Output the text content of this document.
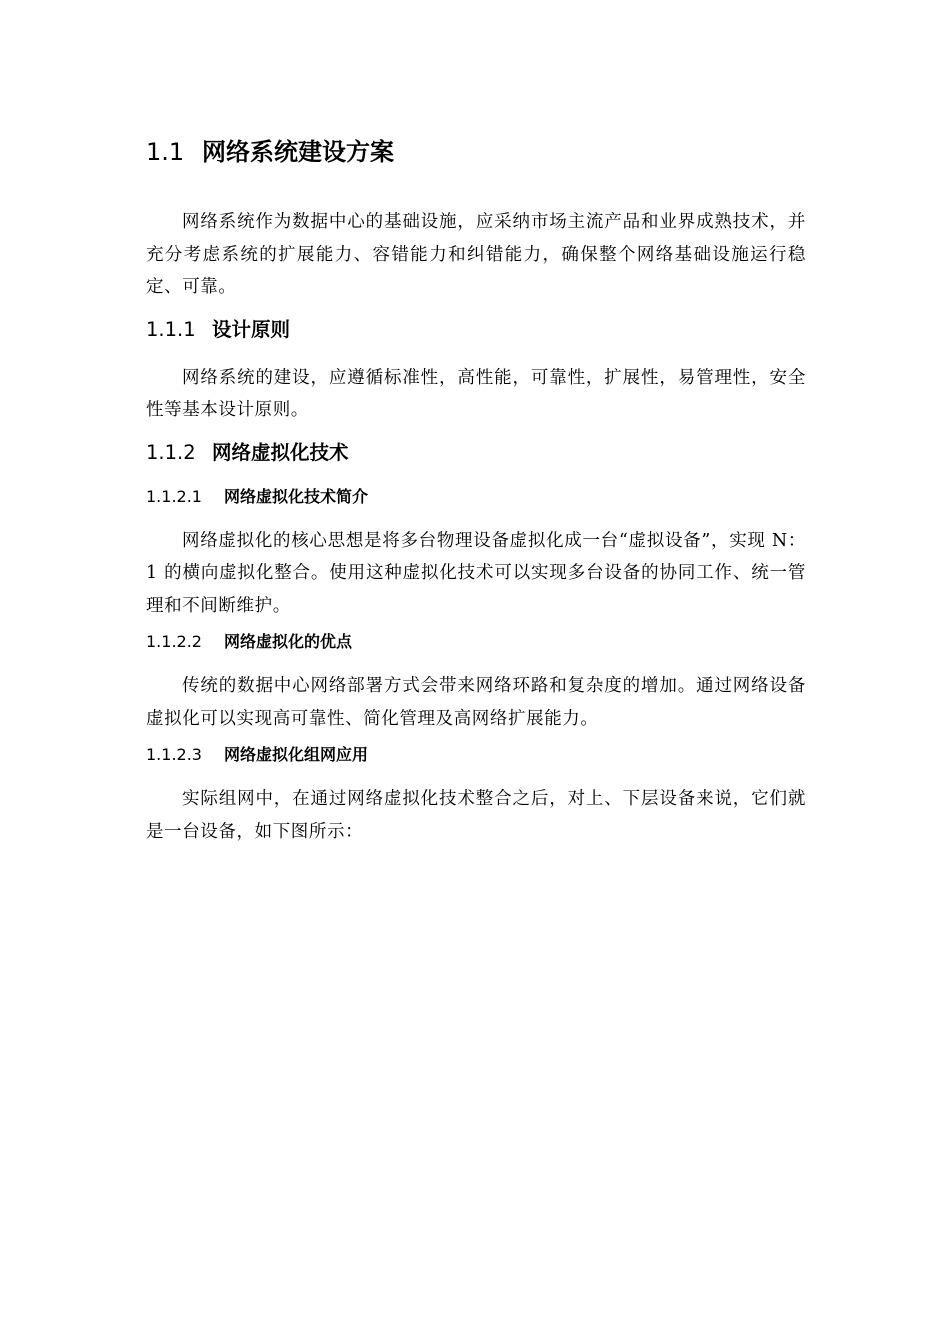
1.1 网络系统建设方案

网络系统作为数据中心的基础设施，应采纳市场主流产品和业界成熟技术，并充分考虑系统的扩展能力、容错能力和纠错能力，确保整个网络基础设施运行稳定、可靠。

1.1.1 设计原则

网络系统的建设，应遵循标准性，高性能，可靠性，扩展性，易管理性，安全性等基本设计原则。

1.1.2 网络虚拟化技术
1.1.2.1 网络虚拟化技术简介

网络虚拟化的核心思想是将多台物理设备虚拟化成一台“虚拟设备”，实现 N：1 的横向虚拟化整合。使用这种虚拟化技术可以实现多台设备的协同工作、统一管理和不间断维护。

1.1.2.2 网络虚拟化的优点

传统的数据中心网络部署方式会带来网络环路和复杂度的增加。通过网络设备虚拟化可以实现高可靠性、简化管理及高网络扩展能力。

1.1.2.3 网络虚拟化组网应用

实际组网中，在通过网络虚拟化技术整合之后，对上、下层设备来说，它们就是一台设备，如下图所示：
